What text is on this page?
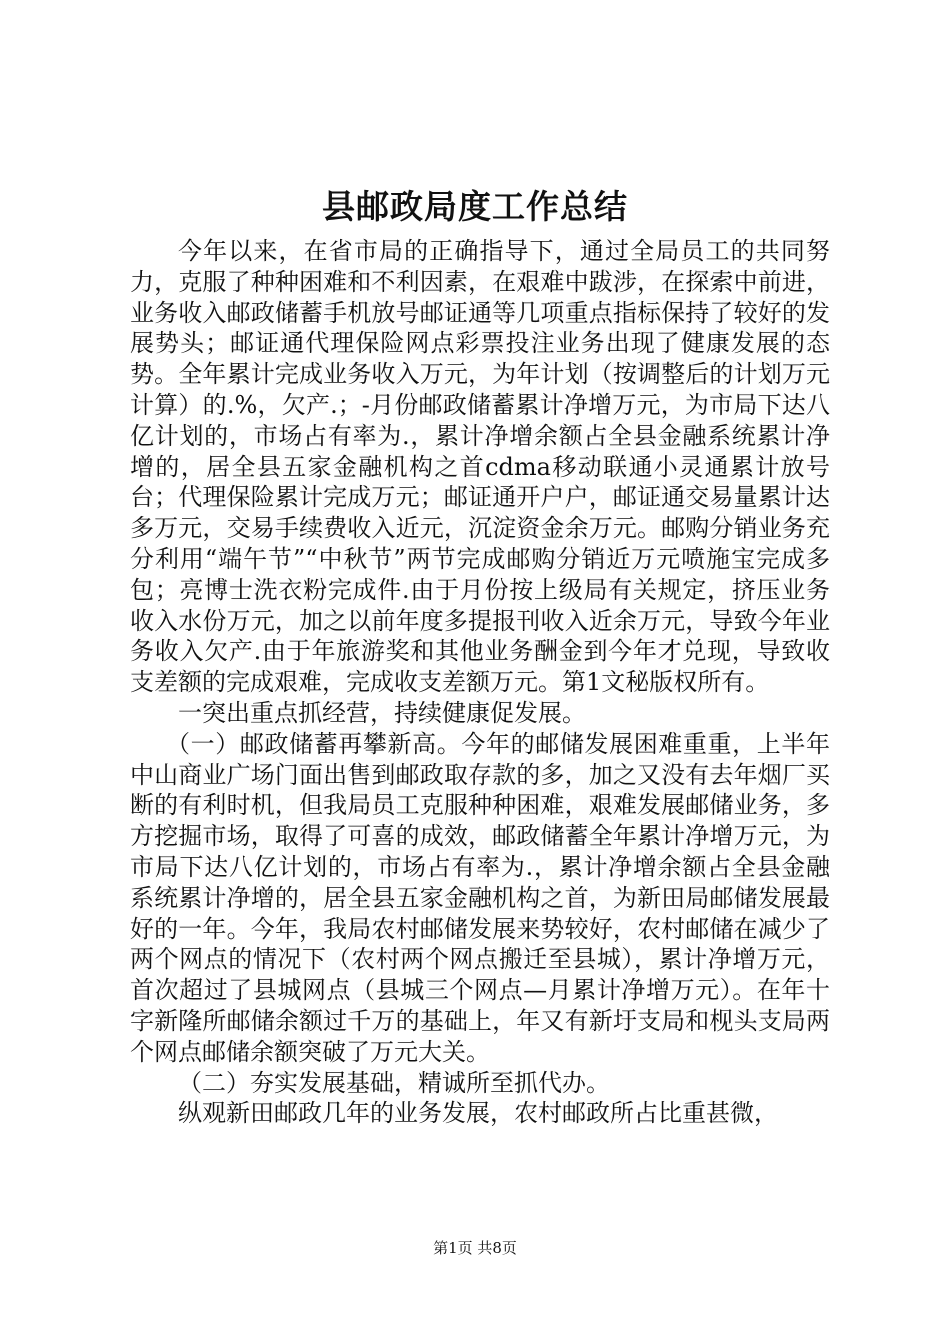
县邮政局度工作总结

今年以来，在省市局的正确指导下，通过全局员工的共同努力，克服了种种困难和不利因素，在艰难中跋涉，在探索中前进，业务收入邮政储蓄手机放号邮证通等几项重点指标保持了较好的发展势头；邮证通代理保险网点彩票投注业务出现了健康发展的态势。全年累计完成业务收入万元，为年计划（按调整后的计划万元计算）的.%，欠产.；-月份邮政储蓄累计净增万元，为市局下达八亿计划的，市场占有率为.，累计净增余额占全县金融系统累计净增的，居全县五家金融机构之首cdma移动联通小灵通累计放号台；代理保险累计完成万元；邮证通开户户，邮证通交易量累计达多万元，交易手续费收入近元，沉淀资金余万元。邮购分销业务充分利用“端午节”“中秋节”两节完成邮购分销近万元喷施宝完成多包；亮博士洗衣粉完成件.由于月份按上级局有关规定，挤压业务收入水份万元，加之以前年度多提报刊收入近余万元，导致今年业务收入欠产.由于年旅游奖和其他业务酬金到今年才兑现，导致收支差额的完成艰难，完成收支差额万元。第1文秘版权所有。

一突出重点抓经营，持续健康促发展。

（一）邮政储蓄再攀新高。今年的邮储发展困难重重，上半年中山商业广场门面出售到邮政取存款的多，加之又没有去年烟厂买断的有利时机，但我局员工克服种种困难，艰难发展邮储业务，多方挖掘市场，取得了可喜的成效，邮政储蓄全年累计净增万元，为市局下达八亿计划的，市场占有率为.，累计净增余额占全县金融系统累计净增的，居全县五家金融机构之首，为新田局邮储发展最好的一年。今年，我局农村邮储发展来势较好，农村邮储在减少了两个网点的情况下（农村两个网点搬迁至县城），累计净增万元，首次超过了县城网点（县城三个网点—月累计净增万元）。在年十字新隆所邮储余额过千万的基础上，年又有新圩支局和枧头支局两个网点邮储余额突破了万元大关。

（二）夯实发展基础，精诚所至抓代办。

纵观新田邮政几年的业务发展，农村邮政所占比重甚微，

第1页 共8页
